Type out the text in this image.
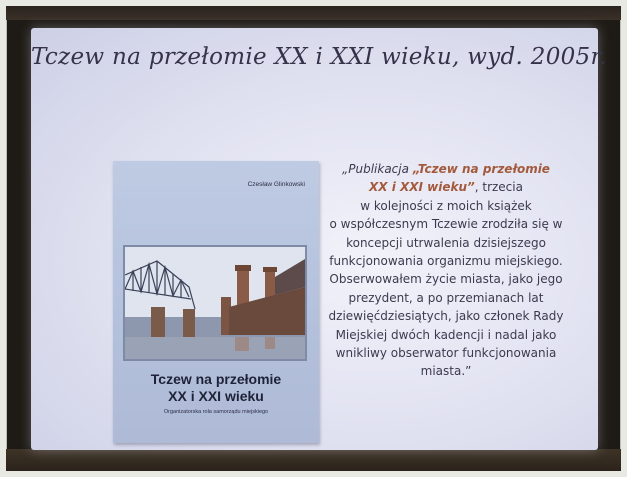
Tczew na przełomie XX i XXI wieku, wyd. 2005r.
Czesław Glinkowski
Tczew na przełomie
XX i XXI wieku
Organizatorska rola samorządu miejskiego
„Publikacja „Tczew na przełomie
XX i XXI wieku”, trzecia
w kolejności z moich książek
o współczesnym Tczewie zrodziła się w
koncepcji utrwalenia dzisiejszego
funkcjonowania organizmu miejskiego.
Obserwowałem życie miasta, jako jego
prezydent, a po przemianach lat
dziewięćdziesiątych, jako członek Rady
Miejskiej dwóch kadencji i nadal jako
wnikliwy obserwator funkcjonowania
miasta.”
